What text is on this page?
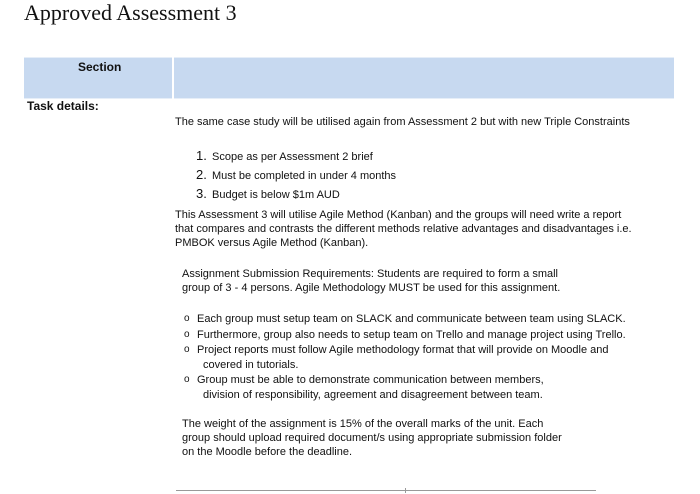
Approved Assessment 3
Section
Task details:
The same case study will be utilised again from Assessment 2 but with new Triple Constraints
1. Scope as per Assessment 2 brief
2. Must be completed in under 4 months
3. Budget is below $1m AUD
This Assessment 3 will utilise Agile Method (Kanban) and the groups will need write a report
that compares and contrasts the different methods relative advantages and disadvantages i.e.
PMBOK versus Agile Method (Kanban).
Assignment Submission Requirements: Students are required to form a small
group of 3 - 4 persons. Agile Methodology MUST be used for this assignment.
o Each group must setup team on SLACK and communicate between team using SLACK.
o Furthermore, group also needs to setup team on Trello and manage project using Trello.
o Project reports must follow Agile methodology format that will provide on Moodle and
covered in tutorials.
o Group must be able to demonstrate communication between members,
division of responsibility, agreement and disagreement between team.
The weight of the assignment is 15% of the overall marks of the unit. Each
group should upload required document/s using appropriate submission folder
on the Moodle before the deadline.
